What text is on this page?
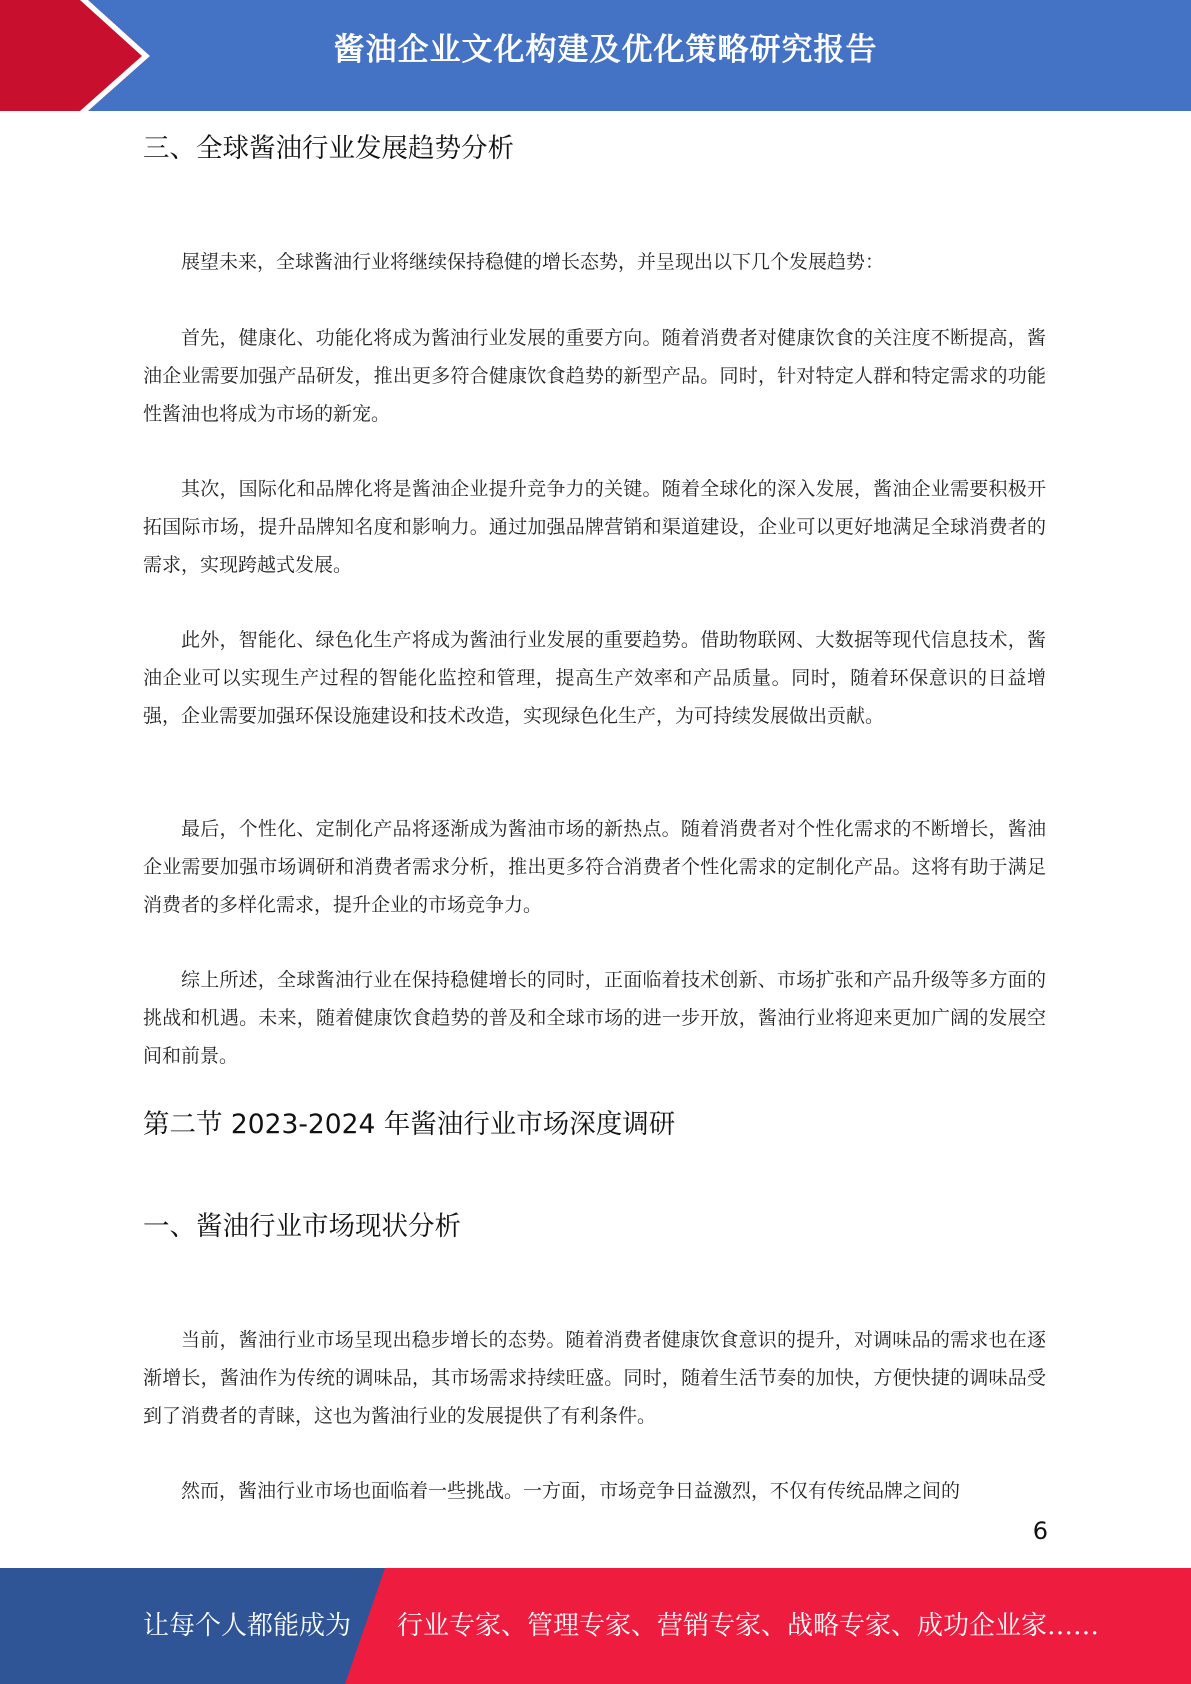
酱油企业文化构建及优化策略研究报告
三、全球酱油行业发展趋势分析

展望未来，全球酱油行业将继续保持稳健的增长态势，并呈现出以下几个发展趋势：

首先，健康化、功能化将成为酱油行业发展的重要方向。随着消费者对健康饮食的关注度不断提高，酱油企业需要加强产品研发，推出更多符合健康饮食趋势的新型产品。同时，针对特定人群和特定需求的功能性酱油也将成为市场的新宠。

其次，国际化和品牌化将是酱油企业提升竞争力的关键。随着全球化的深入发展，酱油企业需要积极开拓国际市场，提升品牌知名度和影响力。通过加强品牌营销和渠道建设，企业可以更好地满足全球消费者的需求，实现跨越式发展。

此外，智能化、绿色化生产将成为酱油行业发展的重要趋势。借助物联网、大数据等现代信息技术，酱油企业可以实现生产过程的智能化监控和管理，提高生产效率和产品质量。同时，随着环保意识的日益增强，企业需要加强环保设施建设和技术改造，实现绿色化生产，为可持续发展做出贡献。

最后，个性化、定制化产品将逐渐成为酱油市场的新热点。随着消费者对个性化需求的不断增长，酱油企业需要加强市场调研和消费者需求分析，推出更多符合消费者个性化需求的定制化产品。这将有助于满足消费者的多样化需求，提升企业的市场竞争力。

综上所述，全球酱油行业在保持稳健增长的同时，正面临着技术创新、市场扩张和产品升级等多方面的挑战和机遇。未来，随着健康饮食趋势的普及和全球市场的进一步开放，酱油行业将迎来更加广阔的发展空间和前景。

第二节 2023-2024 年酱油行业市场深度调研
一、酱油行业市场现状分析

当前，酱油行业市场呈现出稳步增长的态势。随着消费者健康饮食意识的提升，对调味品的需求也在逐渐增长，酱油作为传统的调味品，其市场需求持续旺盛。同时，随着生活节奏的加快，方便快捷的调味品受到了消费者的青睐，这也为酱油行业的发展提供了有利条件。

然而，酱油行业市场也面临着一些挑战。一方面，市场竞争日益激烈，不仅有传统品牌之间的

6
让每个人都能成为 行业专家、管理专家、营销专家、战略专家、成功企业家……
